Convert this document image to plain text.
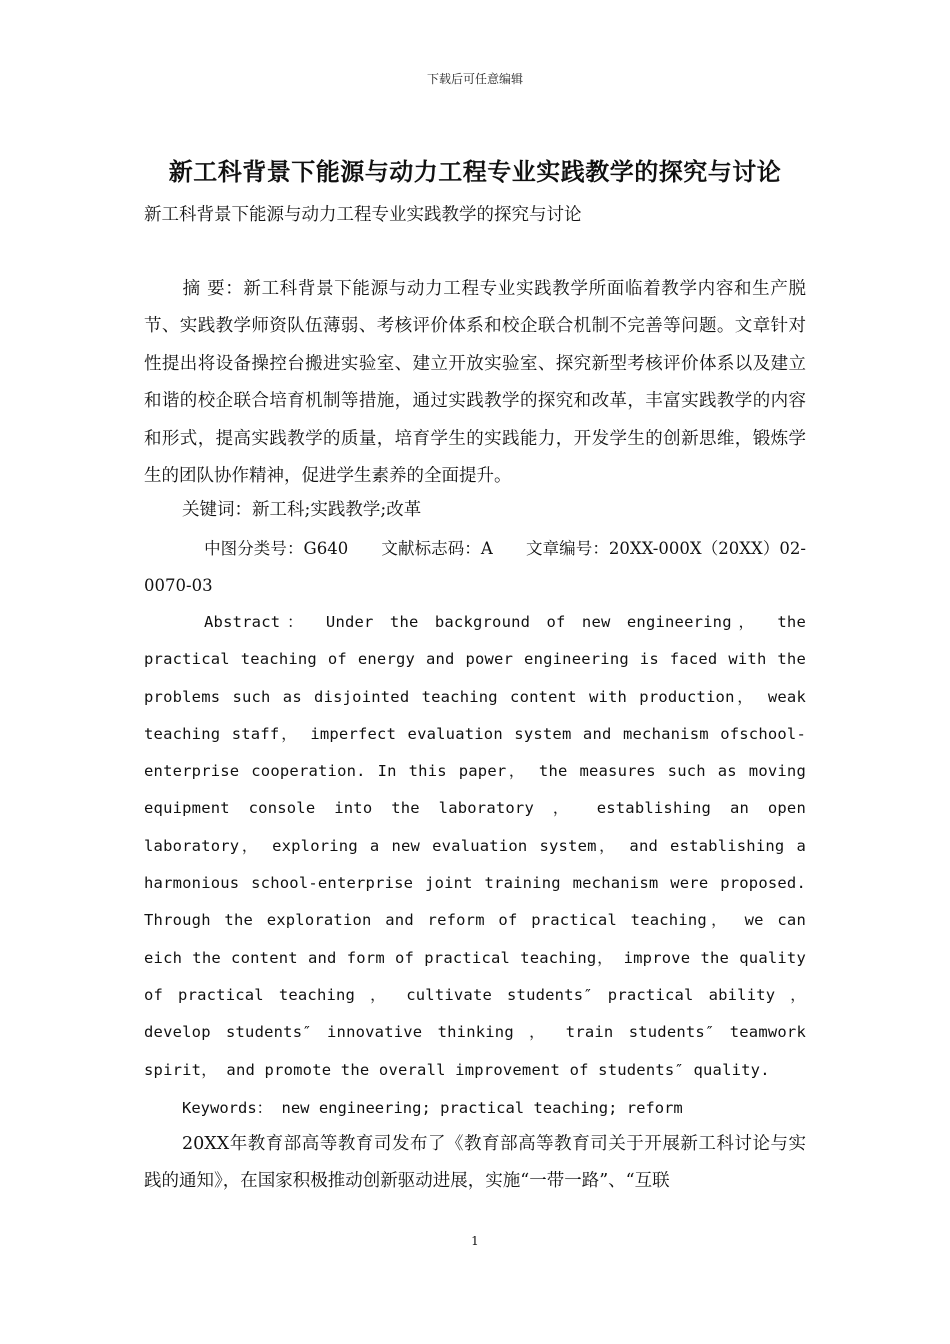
下载后可任意编辑
新工科背景下能源与动力工程专业实践教学的探究与讨论
新工科背景下能源与动力工程专业实践教学的探究与讨论
摘 要：新工科背景下能源与动力工程专业实践教学所面临着教学内容和生产脱节、实践教学师资队伍薄弱、考核评价体系和校企联合机制不完善等问题。文章针对性提出将设备操控台搬进实验室、建立开放实验室、探究新型考核评价体系以及建立和谐的校企联合培育机制等措施，通过实践教学的探究和改革，丰富实践教学的内容和形式，提高实践教学的质量，培育学生的实践能力，开发学生的创新思维，锻炼学生的团队协作精神，促进学生素养的全面提升。
关键词：新工科;实践教学;改革
中图分类号：G640　　文献标志码：A　　文章编号：20XX-000X（20XX）02-0070-03
Abstract： Under the background of new engineering， the practical teaching of energy and power engineering is faced with the problems such as disjointed teaching content with production， weak teaching staff， imperfect evaluation system and mechanism ofschool-enterprise cooperation. In this paper， the measures such as moving equipment console into the laboratory ， establishing an open laboratory， exploring a new evaluation system， and establishing a harmonious school-enterprise joint training mechanism were proposed. Through the exploration and reform of practical teaching， we can eich the content and form of practical teaching， improve the quality of practical teaching ， cultivate students″ practical ability ， develop students″ innovative thinking ， train students″ teamwork spirit， and promote the overall improvement of students″ quality.
Keywords： new engineering; practical teaching; reform
20XX年教育部高等教育司发布了《教育部高等教育司关于开展新工科讨论与实践的通知》，在国家积极推动创新驱动进展，实施“一带一路”、“互联
1
